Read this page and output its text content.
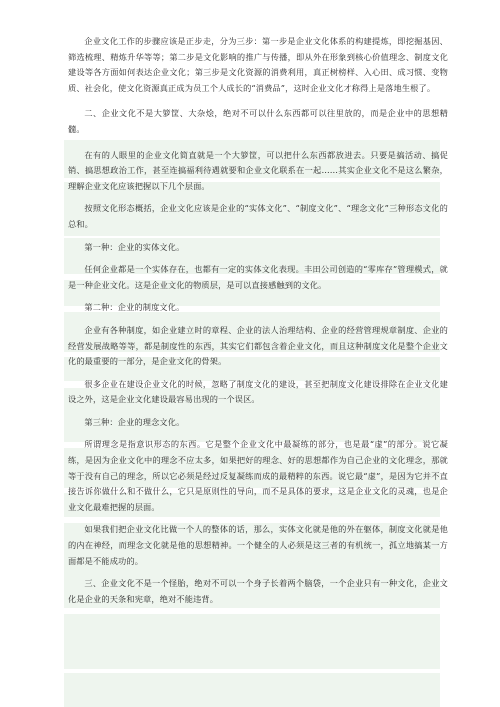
企业文化工作的步骤应该是正步走，分为三步：第一步是企业文化体系的构建提炼，即挖掘基因、筛选梳理、精炼升华等等；第二步是文化影响的推广与传播，即从外在形象到核心价值理念、制度文化建设等各方面如何表达企业文化；第三步是文化资源的消费利用，真正树榜样、入心田、成习惯、变物质、社会化，使文化资源真正成为员工个人成长的“消费品”，这时企业文化才称得上是落地生根了。

二、企业文化不是大箩筐、大杂烩，绝对不可以什么东西都可以往里放的，而是企业中的思想精髓。

在有的人眼里的企业文化简直就是一个大箩筐，可以把什么东西都放进去。只要是搞活动、搞促销、搞思想政治工作，甚至连搞福利待遇就要和企业文化联系在一起……其实企业文化不是这么繁杂，理解企业文化应该把握以下几个层面。

按照文化形态概括，企业文化应该是企业的“实体文化”、“制度文化”、“理念文化”三种形态文化的总和。

第一种：企业的实体文化。

任何企业都是一个实体存在，也都有一定的实体文化表现。丰田公司创造的“零库存”管理模式，就是一种企业文化。这是企业文化的物质层，是可以直接感触到的文化。

第二种：企业的制度文化。

企业有各种制度，如企业建立时的章程、企业的法人治理结构、企业的经营管理规章制度、企业的经营发展战略等等，都是制度性的东西，其实它们都包含着企业文化，而且这种制度文化是整个企业文化的最重要的一部分，是企业文化的骨架。

很多企业在建设企业文化的时候，忽略了制度文化的建设，甚至把制度文化建设排除在企业文化建设之外，这是企业文化建设最容易出现的一个误区。

第三种：企业的理念文化。

所谓理念是指意识形态的东西。它是整个企业文化中最凝练的部分，也是最“虚”的部分。说它凝练，是因为企业文化中的理念不应太多，如果把好的理念、好的思想都作为自己企业的文化理念，那就等于没有自己的理念，所以它必须是经过反复凝练而成的最精粹的东西。说它最“虚”，是因为它并不直接告诉你做什么和不做什么，它只是原则性的导向，而不是具体的要求，这是企业文化的灵魂，也是企业文化最难把握的层面。

如果我们把企业文化比做一个人的整体的话，那么，实体文化就是他的外在躯体，制度文化就是他的内在神经，而理念文化就是他的思想精神。一个健全的人必须是这三者的有机统一，孤立地搞某一方面都是不能成功的。

三、企业文化不是一个怪胎，绝对不可以一个身子长着两个脑袋，一个企业只有一种文化，企业文化是企业的天条和宪章，绝对不能违背。
